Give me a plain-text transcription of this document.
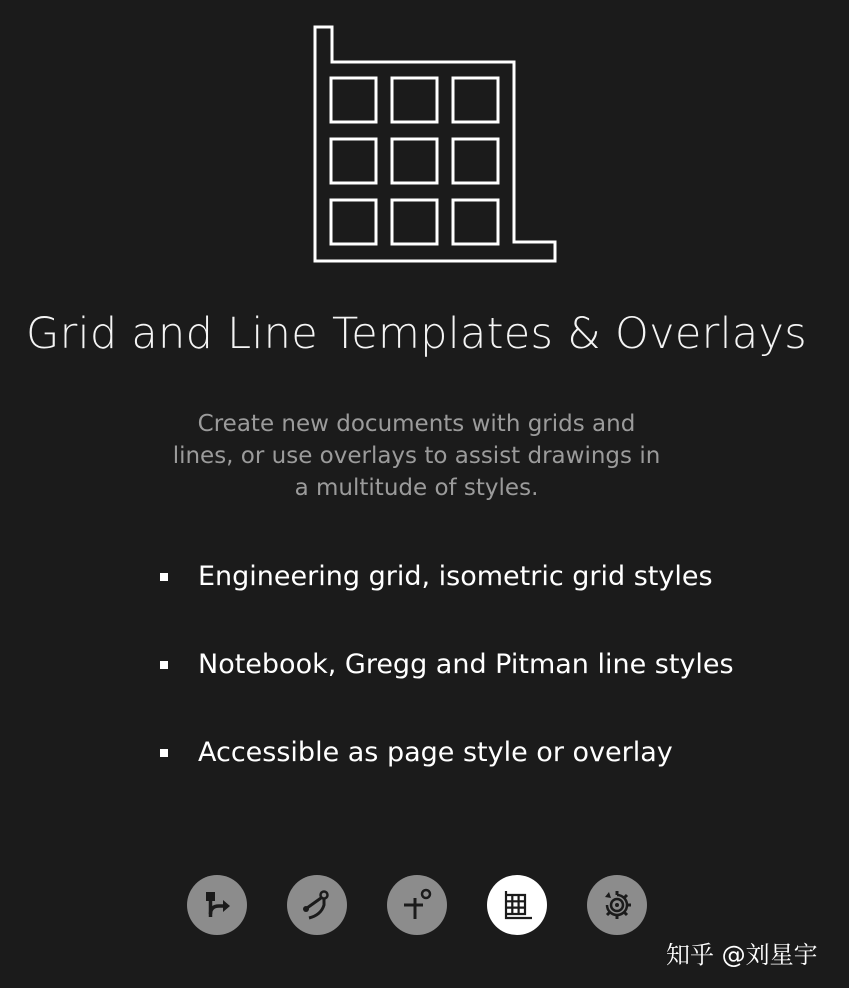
Grid and Line Templates & Overlays
Create new documents with grids and lines, or use overlays to assist drawings in a multitude of styles.
Engineering grid, isometric grid styles
Notebook, Gregg and Pitman line styles
Accessible as page style or overlay
知乎 @刘星宇
